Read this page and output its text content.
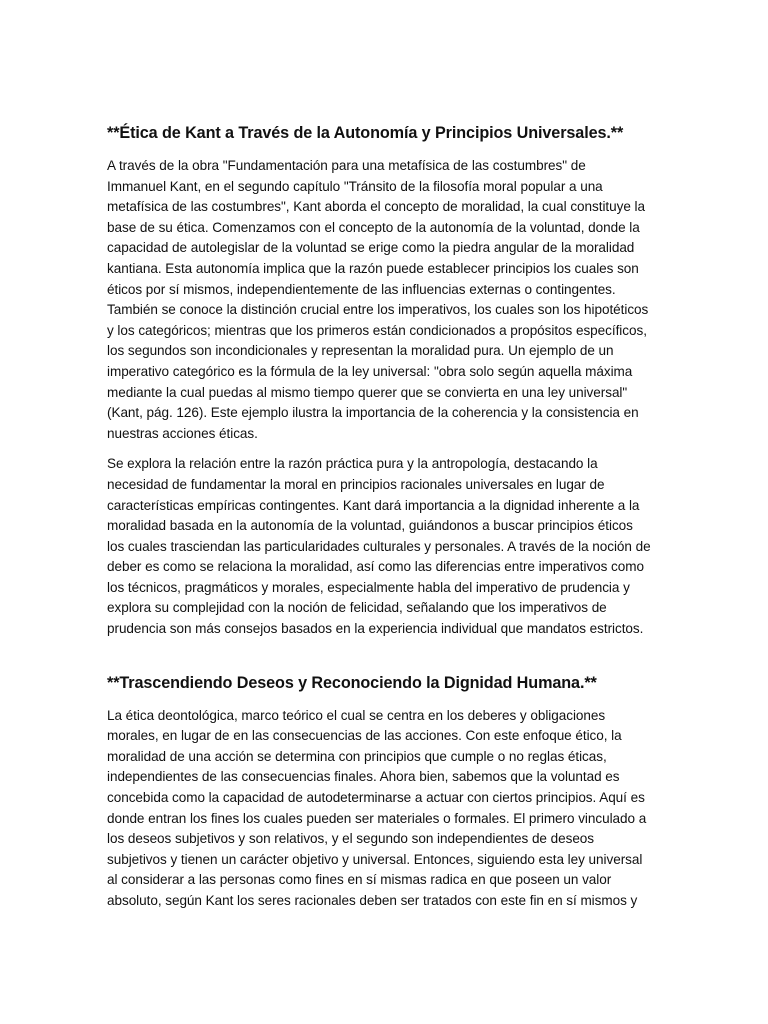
**Ética de Kant a Través de la Autonomía y Principios Universales.**
A través de la obra "Fundamentación para una metafísica de las costumbres" de
Immanuel Kant, en el segundo capítulo "Tránsito de la filosofía moral popular a una
metafísica de las costumbres", Kant aborda el concepto de moralidad, la cual constituye la
base de su ética. Comenzamos con el concepto de la autonomía de la voluntad, donde la
capacidad de autolegislar de la voluntad se erige como la piedra angular de la moralidad
kantiana. Esta autonomía implica que la razón puede establecer principios los cuales son
éticos por sí mismos, independientemente de las influencias externas o contingentes.
También se conoce la distinción crucial entre los imperativos, los cuales son los hipotéticos
y los categóricos; mientras que los primeros están condicionados a propósitos específicos,
los segundos son incondicionales y representan la moralidad pura. Un ejemplo de un
imperativo categórico es la fórmula de la ley universal: "obra solo según aquella máxima
mediante la cual puedas al mismo tiempo querer que se convierta en una ley universal"
(Kant, pág. 126). Este ejemplo ilustra la importancia de la coherencia y la consistencia en
nuestras acciones éticas.
Se explora la relación entre la razón práctica pura y la antropología, destacando la
necesidad de fundamentar la moral en principios racionales universales en lugar de
características empíricas contingentes. Kant dará importancia a la dignidad inherente a la
moralidad basada en la autonomía de la voluntad, guiándonos a buscar principios éticos
los cuales trasciendan las particularidades culturales y personales. A través de la noción de
deber es como se relaciona la moralidad, así como las diferencias entre imperativos como
los técnicos, pragmáticos y morales, especialmente habla del imperativo de prudencia y
explora su complejidad con la noción de felicidad, señalando que los imperativos de
prudencia son más consejos basados en la experiencia individual que mandatos estrictos.
**Trascendiendo Deseos y Reconociendo la Dignidad Humana.**
La ética deontológica, marco teórico el cual se centra en los deberes y obligaciones
morales, en lugar de en las consecuencias de las acciones. Con este enfoque ético, la
moralidad de una acción se determina con principios que cumple o no reglas éticas,
independientes de las consecuencias finales. Ahora bien, sabemos que la voluntad es
concebida como la capacidad de autodeterminarse a actuar con ciertos principios. Aquí es
donde entran los fines los cuales pueden ser materiales o formales. El primero vinculado a
los deseos subjetivos y son relativos, y el segundo son independientes de deseos
subjetivos y tienen un carácter objetivo y universal. Entonces, siguiendo esta ley universal
al considerar a las personas como fines en sí mismas radica en que poseen un valor
absoluto, según Kant los seres racionales deben ser tratados con este fin en sí mismos y
